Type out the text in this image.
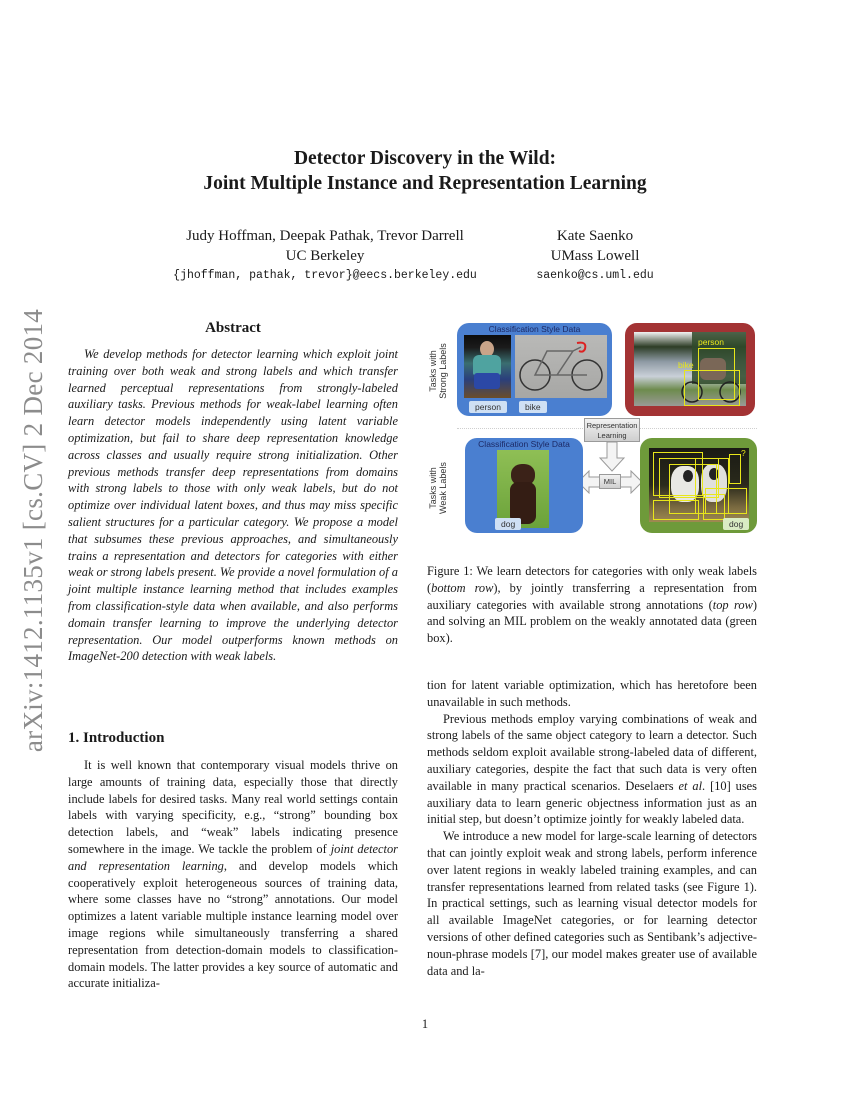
arXiv:1412.1135v1 [cs.CV] 2 Dec 2014
Detector Discovery in the Wild:
Joint Multiple Instance and Representation Learning
Judy Hoffman, Deepak Pathak, Trevor Darrell
UC Berkeley
{jhoffman, pathak, trevor}@eecs.berkeley.edu
Kate Saenko
UMass Lowell
saenko@cs.uml.edu
Abstract
We develop methods for detector learning which exploit joint training over both weak and strong labels and which transfer learned perceptual representations from strongly-labeled auxiliary tasks. Previous methods for weak-label learning often learn detector models independently using latent variable optimization, but fail to share deep representation knowledge across classes and usually require strong initialization. Other previous methods transfer deep representations from domains with strong labels to those with only weak labels, but do not optimize over individual latent boxes, and thus may miss specific salient structures for a particular category. We propose a model that subsumes these previous approaches, and simultaneously trains a representation and detectors for categories with either weak or strong labels present. We provide a novel formulation of a joint multiple instance learning method that includes examples from classification-style data when available, and also performs domain transfer learning to improve the underlying detector representation. Our model outperforms known methods on ImageNet-200 detection with weak labels.
1. Introduction
It is well known that contemporary visual models thrive on large amounts of training data, especially those that directly include labels for desired tasks. Many real world settings contain labels with varying specificity, e.g., “strong” bounding box detection labels, and “weak” labels indicating presence somewhere in the image. We tackle the problem of joint detector and representation learning, and develop models which cooperatively exploit heterogeneous sources of training data, where some classes have no “strong” annotations. Our model optimizes a latent variable multiple instance learning model over image regions while simultaneously transferring a shared representation from detection-domain models to classification-domain models. The latter provides a key source of automatic and accurate initializa-
Tasks with
Strong Labels
Tasks with
Weak Labels
Classification Style Data
person	bike
person
bike
Representation Learning
MIL
Classification Style Data
dog
?
dog
Figure 1: We learn detectors for categories with only weak labels (bottom row), by jointly transferring a representation from auxiliary categories with available strong annotations (top row) and solving an MIL problem on the weakly annotated data (green box).

tion for latent variable optimization, which has heretofore been unavailable in such methods.

Previous methods employ varying combinations of weak and strong labels of the same object category to learn a detector. Such methods seldom exploit available strong-labeled data of different, auxiliary categories, despite the fact that such data is very often available in many practical scenarios. Deselaers et al. [10] uses auxiliary data to learn generic objectness information just as an initial step, but doesn’t optimize jointly for weakly labeled data.

We introduce a new model for large-scale learning of detectors that can jointly exploit weak and strong labels, perform inference over latent regions in weakly labeled training examples, and can transfer representations learned from related tasks (see Figure 1). In practical settings, such as learning visual detector models for all available ImageNet categories, or for learning detector versions of other defined categories such as Sentibank’s adjective-noun-phrase models [7], our model makes greater use of available data and la-

1
